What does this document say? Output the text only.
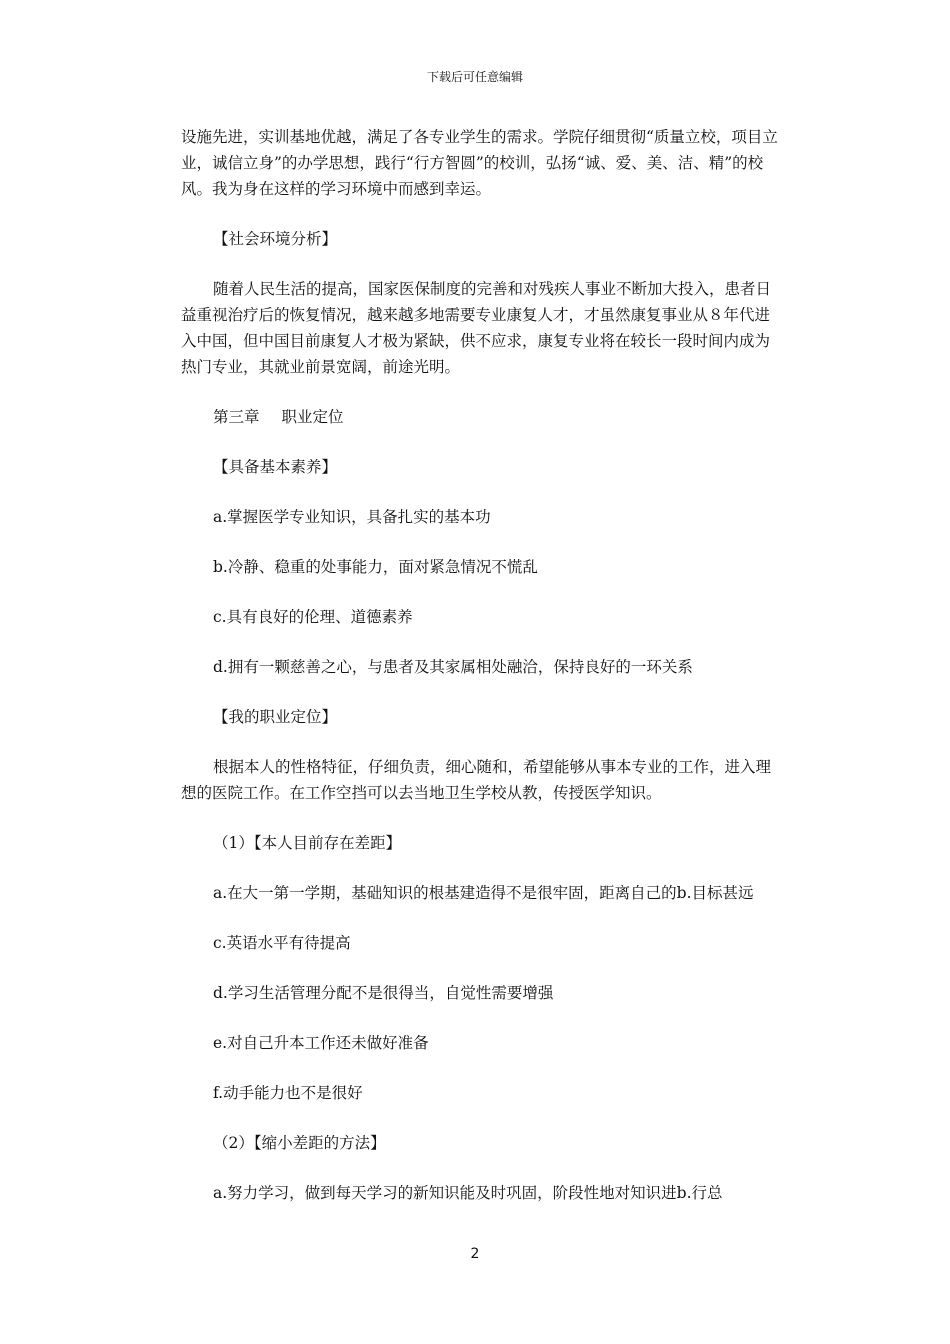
下载后可任意编辑

设施先进，实训基地优越，满足了各专业学生的需求。学院仔细贯彻“质量立校，项目立业，诚信立身”的办学思想，践行“行方智圆”的校训，弘扬“诚、爱、美、洁、精”的校风。我为身在这样的学习环境中而感到幸运。

【社会环境分析】

随着人民生活的提高，国家医保制度的完善和对残疾人事业不断加大投入，患者日益重视治疗后的恢复情况，越来越多地需要专业康复人才，才虽然康复事业从８年代进入中国，但中国目前康复人才极为紧缺，供不应求，康复专业将在较长一段时间内成为热门专业，其就业前景宽阔，前途光明。

第三章 职业定位

【具备基本素养】

a.掌握医学专业知识，具备扎实的基本功

b.冷静、稳重的处事能力，面对紧急情况不慌乱

c.具有良好的伦理、道德素养

d.拥有一颗慈善之心，与患者及其家属相处融洽，保持良好的一环关系

【我的职业定位】

根据本人的性格特征，仔细负责，细心随和，希望能够从事本专业的工作，进入理想的医院工作。在工作空挡可以去当地卫生学校从教，传授医学知识。

（1）【本人目前存在差距】

a.在大一第一学期，基础知识的根基建造得不是很牢固，距离自己的b.目标甚远

c.英语水平有待提高

d.学习生活管理分配不是很得当，自觉性需要增强

e.对自己升本工作还未做好准备

f.动手能力也不是很好

（2）【缩小差距的方法】

a.努力学习，做到每天学习的新知识能及时巩固，阶段性地对知识进b.行总

2
